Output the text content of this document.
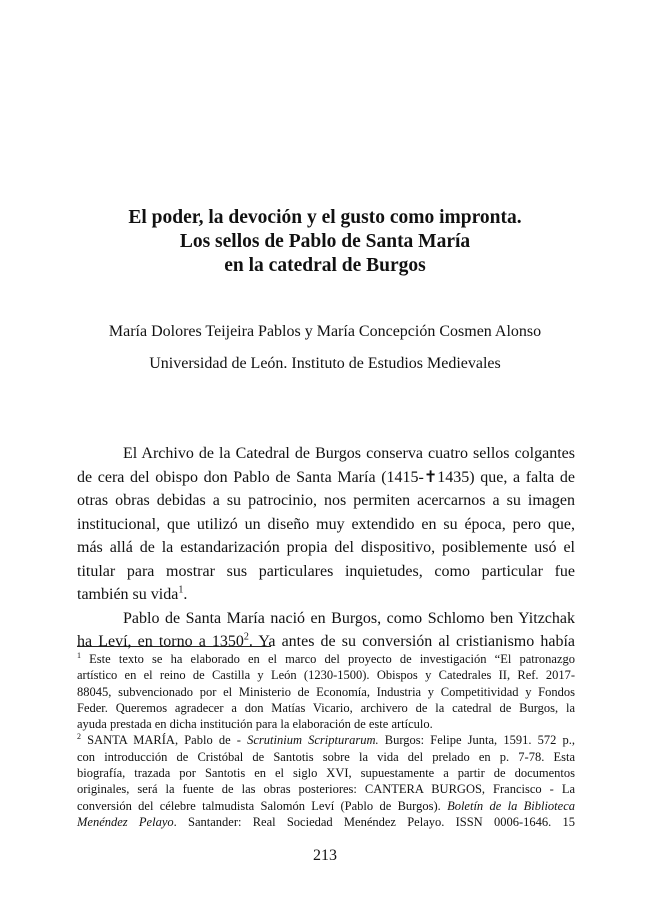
El poder, la devoción y el gusto como impronta.
Los sellos de Pablo de Santa María
en la catedral de Burgos
María Dolores Teijeira Pablos y María Concepción Cosmen Alonso
Universidad de León. Instituto de Estudios Medievales
El Archivo de la Catedral de Burgos conserva cuatro sellos colgantes
de cera del obispo don Pablo de Santa María (1415-✝1435) que, a falta de
otras obras debidas a su patrocinio, nos permiten acercarnos a su imagen
institucional, que utilizó un diseño muy extendido en su época, pero que,
más allá de la estandarización propia del dispositivo, posiblemente usó el
titular para mostrar sus particulares inquietudes, como particular fue
también su vida$^1$.
Pablo de Santa María nació en Burgos, como Schlomo ben Yitzchak
ha Leví, en torno a 1350$^2$. Ya antes de su conversión al cristianismo había
$^1$ Este texto se ha elaborado en el marco del proyecto de investigación “El patronazgo
artístico en el reino de Castilla y León (1230-1500). Obispos y Catedrales II, Ref. 2017-
88045, subvencionado por el Ministerio de Economía, Industria y Competitividad y Fondos
Feder. Queremos agradecer a don Matías Vicario, archivero de la catedral de Burgos, la
ayuda prestada en dicha institución para la elaboración de este artículo.
$^2$ SANTA MARÍA, Pablo de - Scrutinium Scripturarum. Burgos: Felipe Junta, 1591. 572 p.,
con introducción de Cristóbal de Santotis sobre la vida del prelado en p. 7-78. Esta
biografía, trazada por Santotis en el siglo XVI, supuestamente a partir de documentos
originales, será la fuente de las obras posteriores: CANTERA BURGOS, Francisco - La
conversión del célebre talmudista Salomón Leví (Pablo de Burgos). Boletín de la Biblioteca
Menéndez Pelayo. Santander: Real Sociedad Menéndez Pelayo. ISSN 0006-1646. 15
213
